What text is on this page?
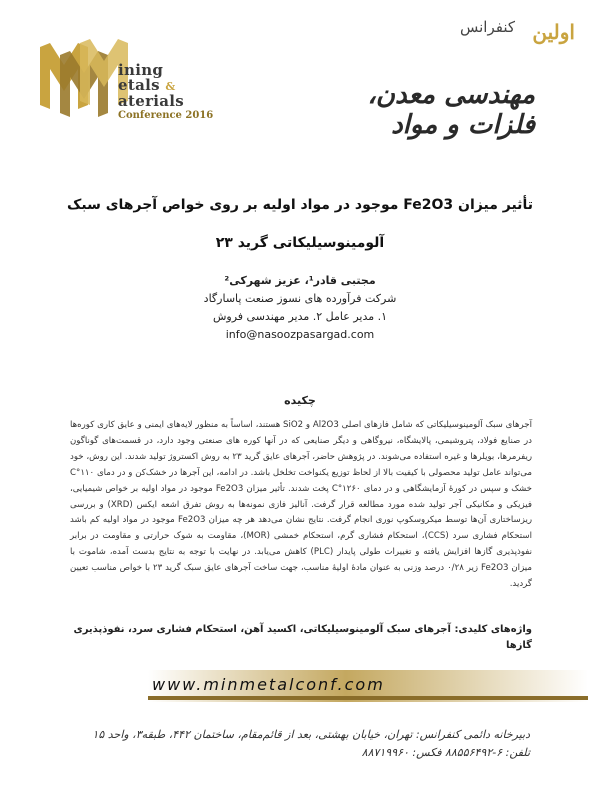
ining
etals &
aterials
Conference 2016
اولین
کنفرانس
مهندسی معدن، فلزات و مواد
تأثیر میزان Fe2O3 موجود در مواد اولیه بر روی خواص آجرهای سبک
آلومینوسیلیکاتی گرید ۲۳
مجتبی قادر¹، عزیز شهرکی²
شرکت فرآورده های نسوز صنعت پاسارگاد
۱. مدیر عامل ۲. مدیر مهندسی فروش
info@nasoozpasargad.com
چکیده
آجرهای سبک آلومینوسیلیکاتی که شامل فازهای اصلی Al2O3 و SiO2 هستند، اساساً به منظور لایه‌های ایمنی و عایق کاری کوره‌ها در صنایع فولاد، پتروشیمی، پالایشگاه، نیروگاهی و دیگر صنایعی که در آنها کوره های صنعتی وجود دارد، در قسمت‌های گوناگون ریفرمرها، بویلرها و غیره استفاده می‌شوند. در پژوهش حاضر، آجرهای عایق گرید ۲۳ به روش اکستروژ تولید شدند. این روش، خود می‌تواند عامل تولید محصولی با کیفیت بالا از لحاظ توزیع یکنواخت تخلخل باشد. در ادامه، این آجرها در خشک‌کن و در دمای ۱۱۰°C خشک و سپس در کورهٔ آزمایشگاهی و در دمای ۱۲۶۰°C پخت شدند. تأثیر میزان Fe2O3 موجود در مواد اولیه بر خواص شیمیایی، فیزیکی و مکانیکی آجر تولید شده مورد مطالعه قرار گرفت. آنالیز فازی نمونه‌ها به روش تفرق اشعه ایکس (XRD) و بررسی ریزساختاری آن‌ها توسط میکروسکوپ نوری انجام گرفت. نتایج نشان می‌دهد هر چه میزان Fe2O3 موجود در مواد اولیه کم باشد استحکام فشاری سرد (CCS)، استحکام فشاری گرم، استحکام خمشی (MOR)، مقاومت به شوک حرارتی و مقاومت در برابر نفوذپذیری گازها افزایش یافته و تغییرات طولی پایدار (PLC) کاهش می‌یابد. در نهایت با توجه به نتایج بدست آمده، شاموت با میزان Fe2O3 زیر ۰/۲۸ درصد وزنی به عنوان مادهٔ اولیهٔ مناسب، جهت ساخت آجرهای عایق سبک گرید ۲۳ با خواص مناسب تعیین گردید.
واژه‌های کلیدی: آجرهای سبک آلومینوسیلیکاتی، اکسید آهن، استحکام فشاری سرد، نفوذپذیری گازها
www.minmetalconf.com
دبیرخانه دائمی کنفرانس: تهران، خیابان بهشتی، بعد از قائم‌مقام، ساختمان ۴۴۲، طبقه۳، واحد ۱۵
تلفن: ۶-۸۸۵۵۶۴۹۲ فکس: ۸۸۷۱۹۹۶۰
